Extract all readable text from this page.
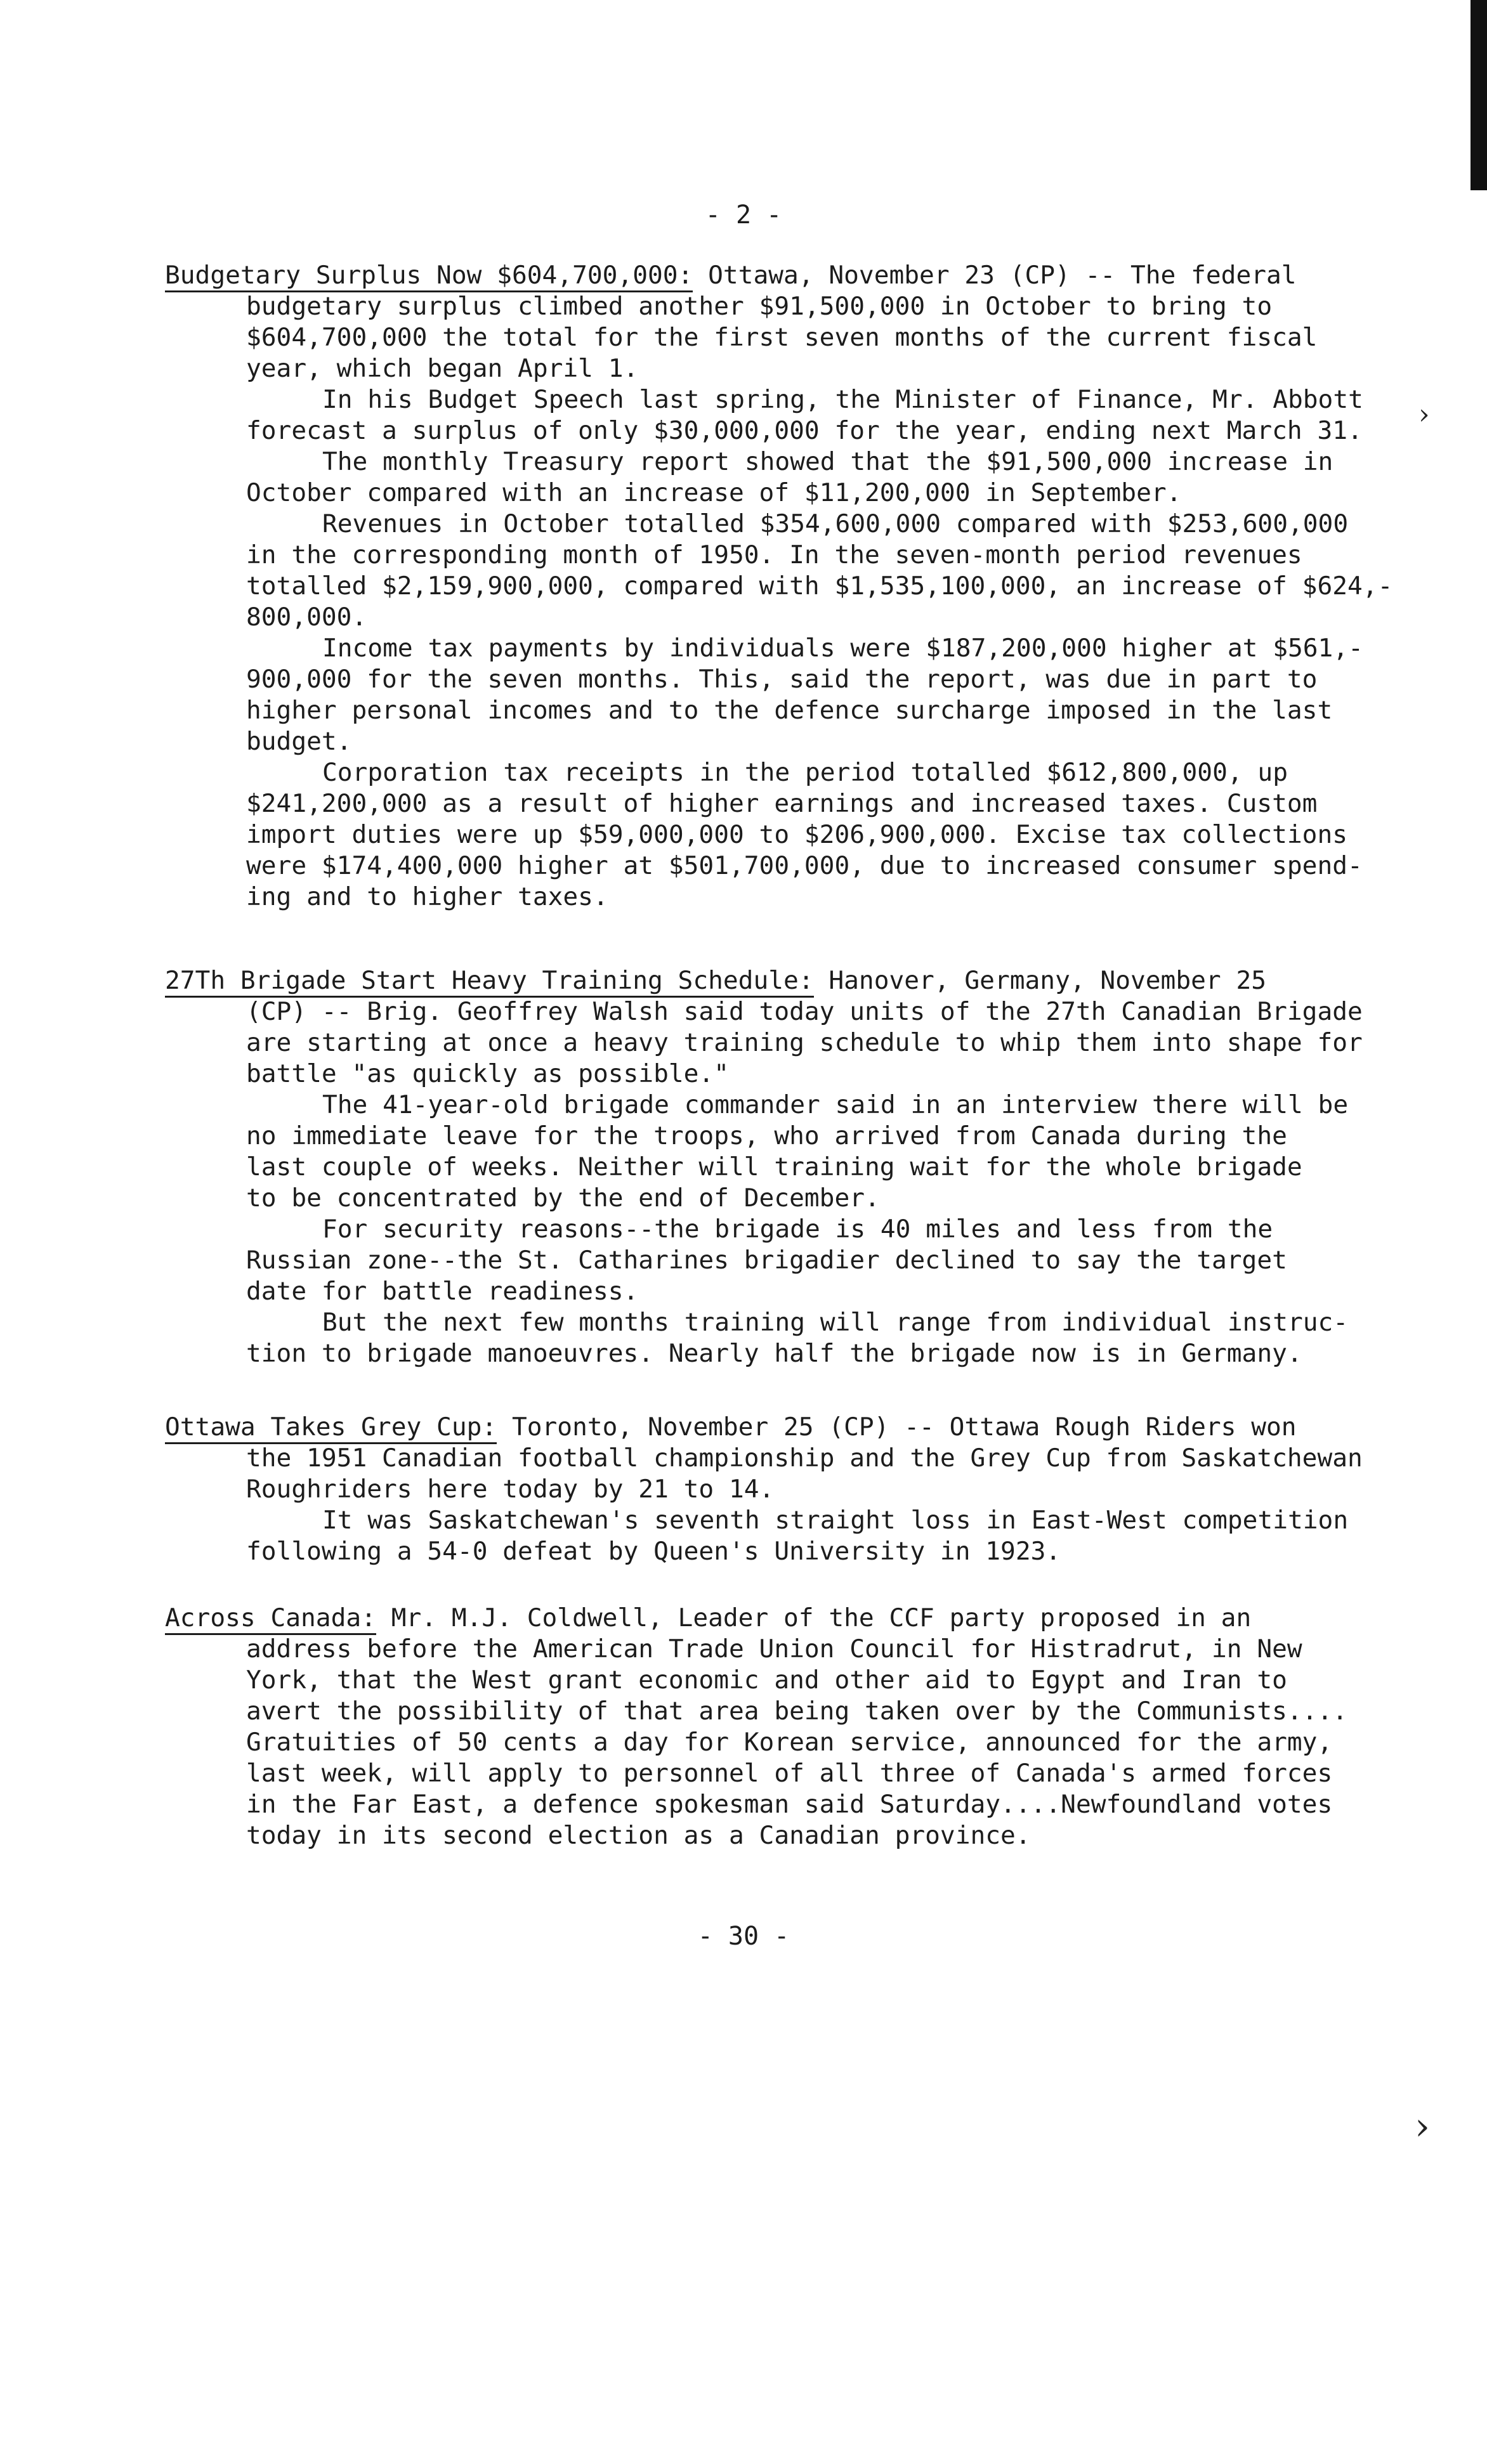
- 2 -
Budgetary Surplus Now $604,700,000: Ottawa, November 23 (CP) -- The federal
budgetary surplus climbed another $91,500,000 in October to bring to
$604,700,000 the total for the first seven months of the current fiscal
year, which began April 1.
In his Budget Speech last spring, the Minister of Finance, Mr. Abbott
forecast a surplus of only $30,000,000 for the year, ending next March 31.
The monthly Treasury report showed that the $91,500,000 increase in
October compared with an increase of $11,200,000 in September.
Revenues in October totalled $354,600,000 compared with $253,600,000
in the corresponding month of 1950. In the seven-month period revenues
totalled $2,159,900,000, compared with $1,535,100,000, an increase of $624,-
800,000.
Income tax payments by individuals were $187,200,000 higher at $561,-
900,000 for the seven months. This, said the report, was due in part to
higher personal incomes and to the defence surcharge imposed in the last
budget.
Corporation tax receipts in the period totalled $612,800,000, up
$241,200,000 as a result of higher earnings and increased taxes. Custom
import duties were up $59,000,000 to $206,900,000. Excise tax collections
were $174,400,000 higher at $501,700,000, due to increased consumer spend-
ing and to higher taxes.
27Th Brigade Start Heavy Training Schedule: Hanover, Germany, November 25
(CP) -- Brig. Geoffrey Walsh said today units of the 27th Canadian Brigade
are starting at once a heavy training schedule to whip them into shape for
battle "as quickly as possible."
The 41-year-old brigade commander said in an interview there will be
no immediate leave for the troops, who arrived from Canada during the
last couple of weeks. Neither will training wait for the whole brigade
to be concentrated by the end of December.
For security reasons--the brigade is 40 miles and less from the
Russian zone--the St. Catharines brigadier declined to say the target
date for battle readiness.
But the next few months training will range from individual instruc-
tion to brigade manoeuvres. Nearly half the brigade now is in Germany.
Ottawa Takes Grey Cup: Toronto, November 25 (CP) -- Ottawa Rough Riders won
the 1951 Canadian football championship and the Grey Cup from Saskatchewan
Roughriders here today by 21 to 14.
It was Saskatchewan's seventh straight loss in East-West competition
following a 54-0 defeat by Queen's University in 1923.
Across Canada: Mr. M.J. Coldwell, Leader of the CCF party proposed in an
address before the American Trade Union Council for Histradrut, in New
York, that the West grant economic and other aid to Egypt and Iran to
avert the possibility of that area being taken over by the Communists....
Gratuities of 50 cents a day for Korean service, announced for the army,
last week, will apply to personnel of all three of Canada's armed forces
in the Far East, a defence spokesman said Saturday....Newfoundland votes
today in its second election as a Canadian province.
- 30 -
›
›
